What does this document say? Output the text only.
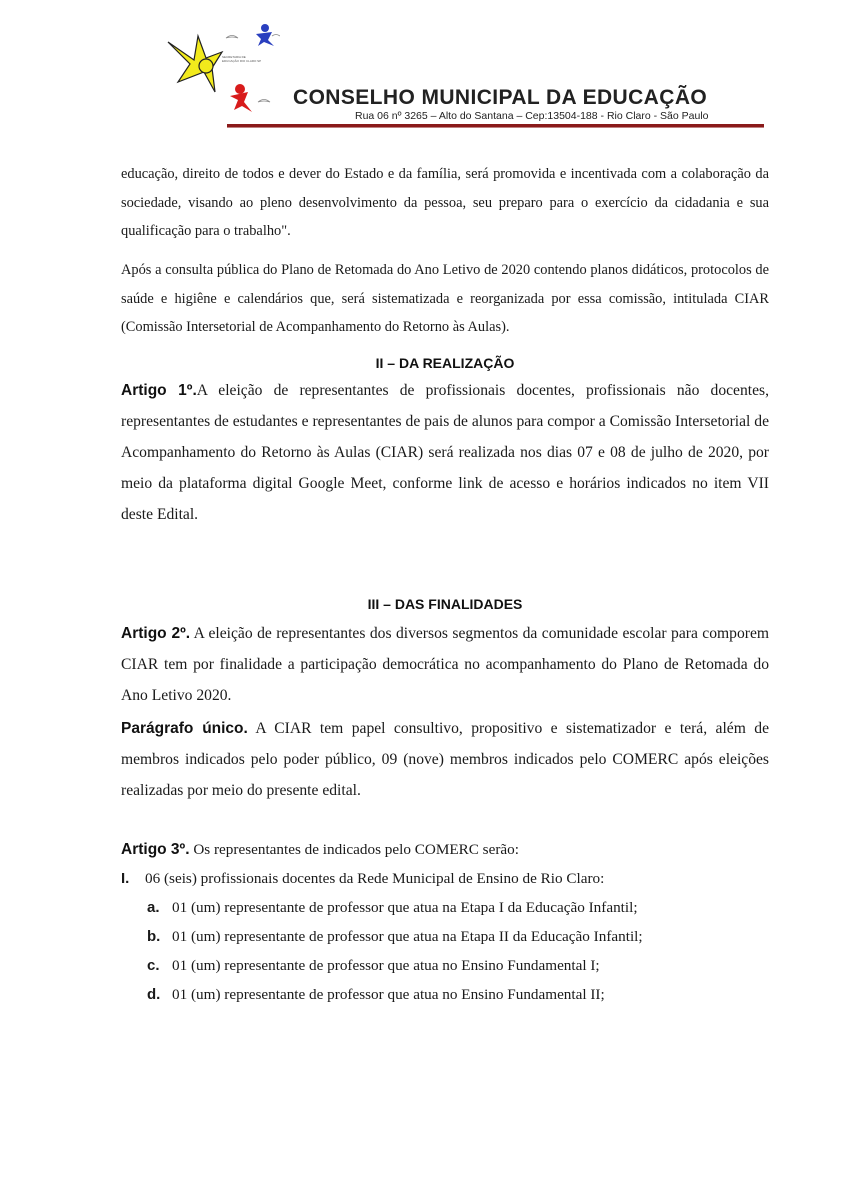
SECRETARIA DE EDUCAÇÃO RIO CLARO SP
CONSELHO MUNICIPAL DA EDUCAÇÃO
Rua 06 nº 3265 – Alto do Santana – Cep:13504-188 - Rio Claro - São Paulo
educação, direito de todos e dever do Estado e da família, será promovida e incentivada com a colaboração da sociedade, visando ao pleno desenvolvimento da pessoa, seu preparo para o exercício da cidadania e sua qualificação para o trabalho".
Após a consulta pública do Plano de Retomada do Ano Letivo de 2020 contendo planos didáticos, protocolos de saúde e higiêne e calendários que, será sistematizada e reorganizada por essa comissão, intitulada CIAR (Comissão Intersetorial de Acompanhamento do Retorno às Aulas).
II – DA REALIZAÇÃO
Artigo 1º.A eleição de representantes de profissionais docentes, profissionais não docentes, representantes de estudantes e representantes de pais de alunos para compor a Comissão Intersetorial de Acompanhamento do Retorno às Aulas (CIAR) será realizada nos dias 07 e 08 de julho de 2020, por meio da plataforma digital Google Meet, conforme link de acesso e horários indicados no item VII deste Edital.
III – DAS FINALIDADES
Artigo 2º. A eleição de representantes dos diversos segmentos da comunidade escolar para comporem CIAR tem por finalidade a participação democrática no acompanhamento do Plano de Retomada do Ano Letivo 2020.
Parágrafo único. A CIAR tem papel consultivo, propositivo e sistematizador e terá, além de membros indicados pelo poder público, 09 (nove) membros indicados pelo COMERC após eleições realizadas por meio do presente edital.
Artigo 3º. Os representantes de indicados pelo COMERC serão:
I. 06 (seis) profissionais docentes da Rede Municipal de Ensino de Rio Claro:
a. 01 (um) representante de professor que atua na Etapa I da Educação Infantil;
b. 01 (um) representante de professor que atua na Etapa II da Educação Infantil;
c. 01 (um) representante de professor que atua no Ensino Fundamental I;
d. 01 (um) representante de professor que atua no Ensino Fundamental II;
